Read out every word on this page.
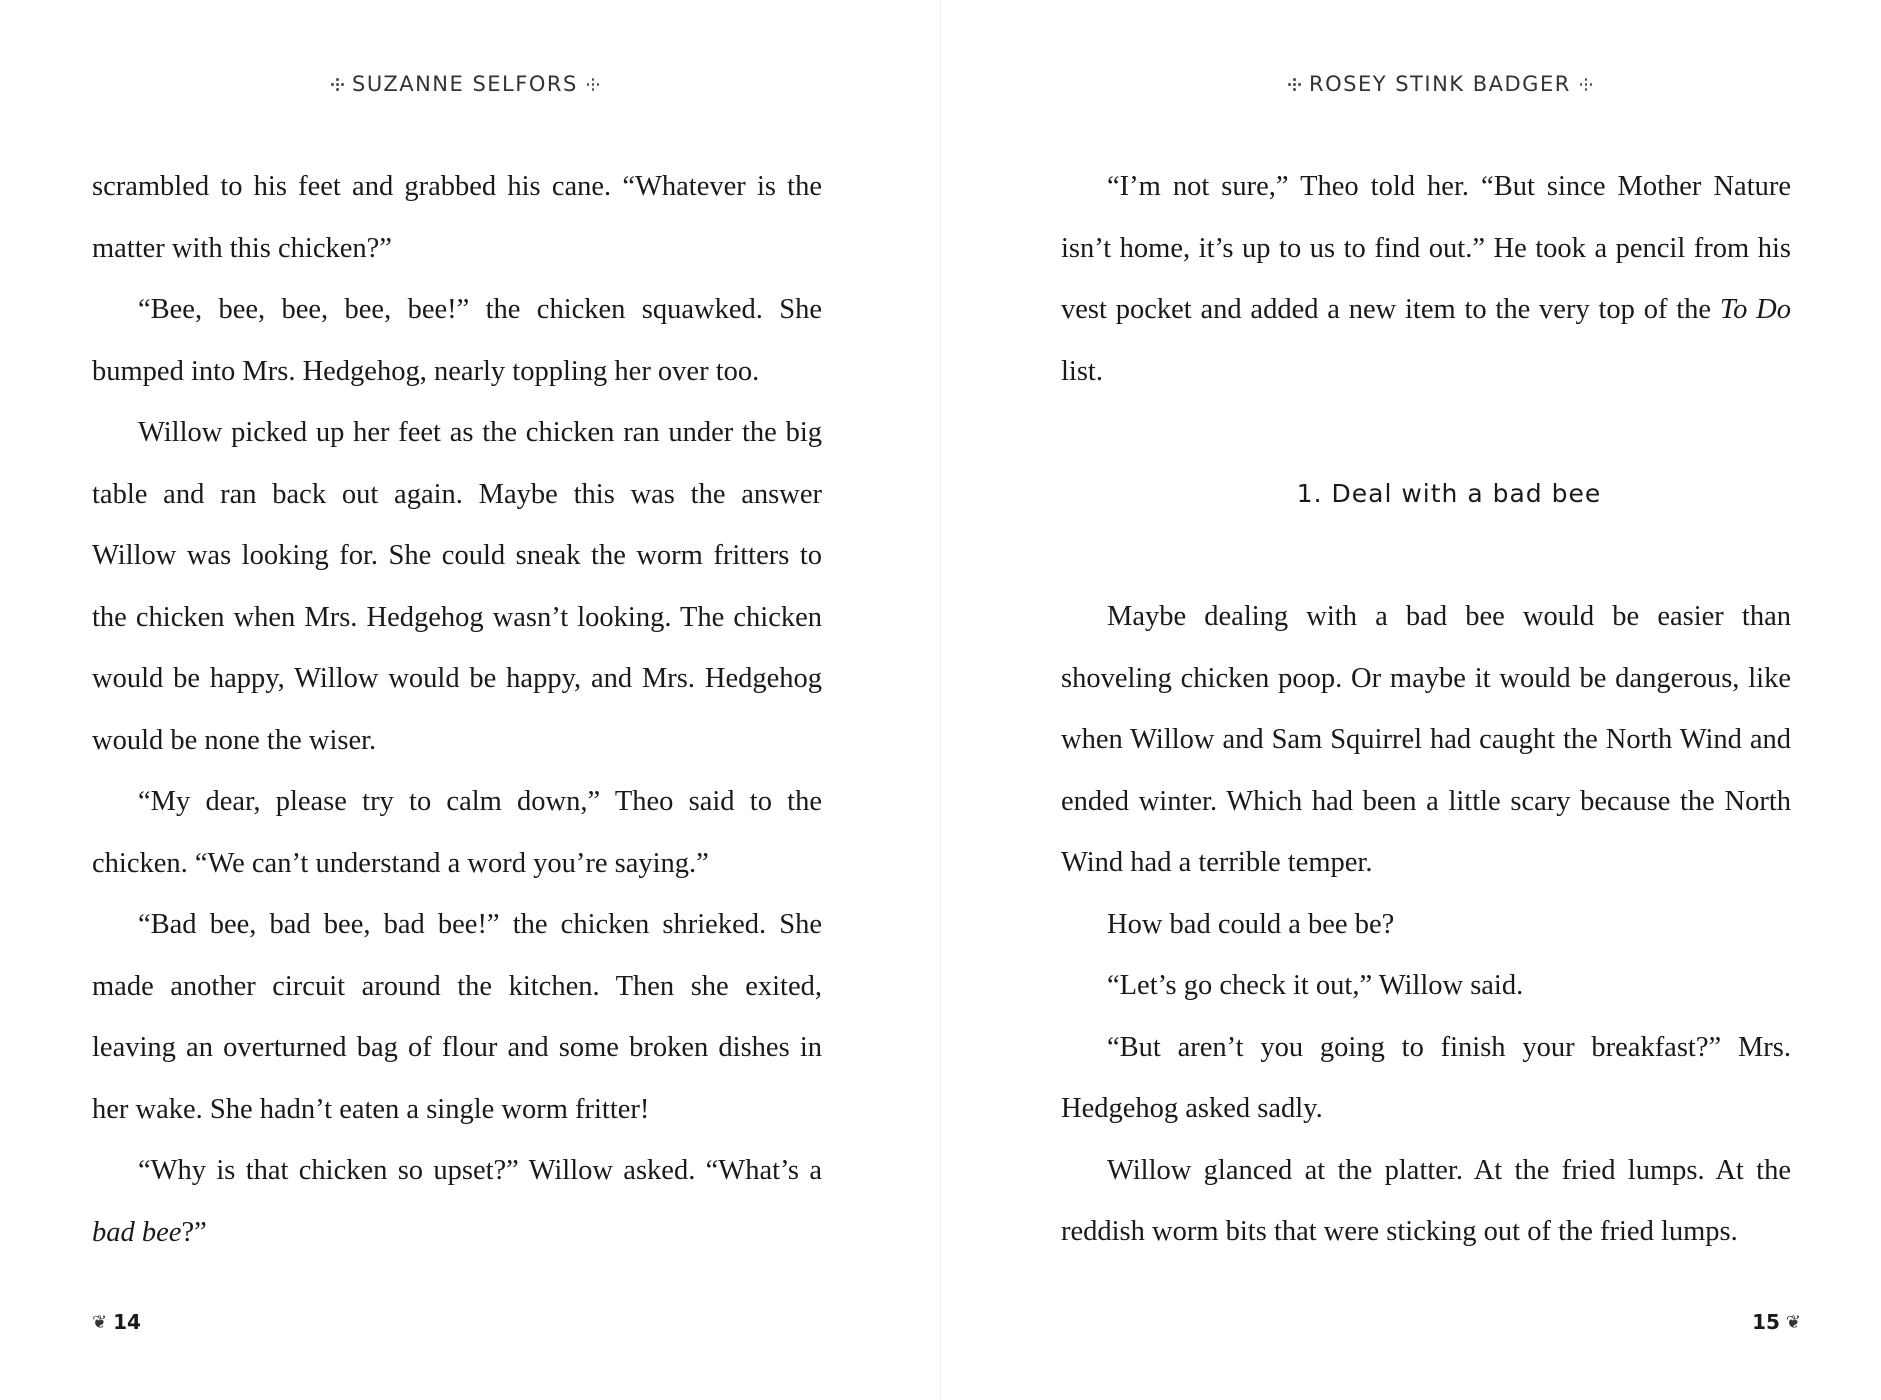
SUZANNE SELFORS

scrambled to his feet and grabbed his cane. “Whatever is the matter with this chicken?”

“Bee, bee, bee, bee, bee!” the chicken squawked. She bumped into Mrs. Hedgehog, nearly toppling her over too.

Willow picked up her feet as the chicken ran under the big table and ran back out again. Maybe this was the answer Willow was looking for. She could sneak the worm fritters to the chicken when Mrs. Hedgehog wasn’t looking. The chicken would be happy, Willow would be happy, and Mrs. Hedgehog would be none the wiser.

“My dear, please try to calm down,” Theo said to the chicken. “We can’t understand a word you’re saying.”

“Bad bee, bad bee, bad bee!” the chicken shrieked. She made another circuit around the kitchen. Then she exited, leaving an overturned bag of flour and some broken dishes in her wake. She hadn’t eaten a single worm fritter!

“Why is that chicken so upset?” Willow asked. “What’s a bad bee?”

❦ 14
ROSEY STINK BADGER

“I’m not sure,” Theo told her. “But since Mother Nature isn’t home, it’s up to us to find out.” He took a pencil from his vest pocket and added a new item to the very top of the To Do list.

1. Deal with a bad bee

Maybe dealing with a bad bee would be easier than shoveling chicken poop. Or maybe it would be dangerous, like when Willow and Sam Squirrel had caught the North Wind and ended winter. Which had been a little scary because the North Wind had a terrible temper.

How bad could a bee be?

“Let’s go check it out,” Willow said.

“But aren’t you going to finish your breakfast?” Mrs. Hedgehog asked sadly.

Willow glanced at the platter. At the fried lumps. At the reddish worm bits that were sticking out of the fried lumps.

15 ❦
